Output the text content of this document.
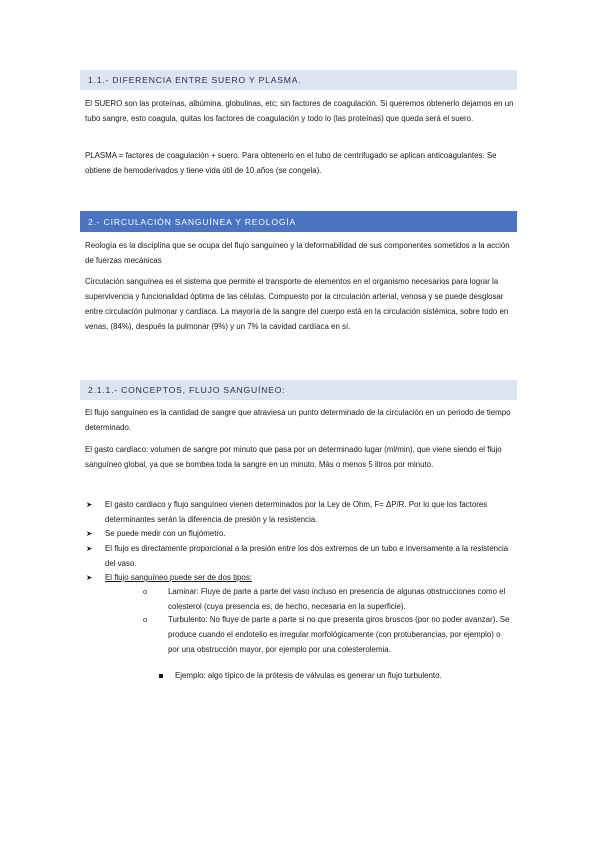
1.1.- DIFERENCIA ENTRE SUERO Y PLASMA.

El SUERO son las proteínas, albúmina, globulinas, etc; sin factores de coagulación. Si queremos obtenerlo dejamos en un tubo sangre, esto coagula, quitas los factores de coagulación y todo lo (las proteínas) que queda será el suero.

PLASMA = factores de coagulación + suero. Para obtenerlo en el tubo de centrifugado se aplican anticoagulantes. Se obtiene de hemoderivados y tiene vida útil de 10 años (se congela).

2.- CIRCULACIÓN SANGUÍNEA Y REOLOGÍA

Reología es la disciplina que se ocupa del flujo sanguíneo y la deformabilidad de sus componentes sometidos a la acción de fuerzas mecánicas

Circulación sanguínea es el sistema que permite el transporte de elementos en el organismo necesarios para lograr la supervivencia y funcionalidad óptima de las células. Compuesto por la circulación arterial, venosa y se puede desglosar entre circulación pulmonar y cardíaca. La mayoría de la sangre del cuerpo está en la circulación sistémica, sobre todo en venas, (84%), después la pulmonar (9%) y un 7% la cavidad cardíaca en sí.

2.1.1.- CONCEPTOS, FLUJO SANGUÍNEO:

El flujo sanguíneo es la cantidad de sangre que atraviesa un punto determinado de la circulación en un periodo de tiempo determinado.

El gasto cardíaco: volumen de sangre por minuto que pasa por un determinado lugar (ml/min), que viene siendo el flujo sanguíneo global, ya que se bombea toda la sangre en un minuto. Más o menos 5 litros por minuto.

➤	El gasto cardiaco y flujo sanguíneo vienen determinados por la Ley de Ohm, F= ΔP/R. Por lo que los factores determinantes serán la diferencia de presión y la resistencia.
➤	Se puede medir con un flujómetro.
➤	El flujo es directamente proporcional a la presión entre los dos extremos de un tubo e inversamente a la resistencia del vaso.
➤	El flujo sanguíneo puede ser de dos tipos:
o	Laminar: Fluye de parte a parte del vaso incluso en presencia de algunas obstrucciones como el colesterol (cuya presencia es, de hecho, necesaria en la superficie).
o	Turbulento: No fluye de parte a parte si no que presenta giros bruscos (por no poder avanzar). Se produce cuando el endotelio es irregular morfológicamente (con protuberancias, por ejemplo) o por una obstrucción mayor, por ejemplo por una colesterolemia.
Ejemplo: algo típico de la prótesis de válvulas es generar un flujo turbulento.
